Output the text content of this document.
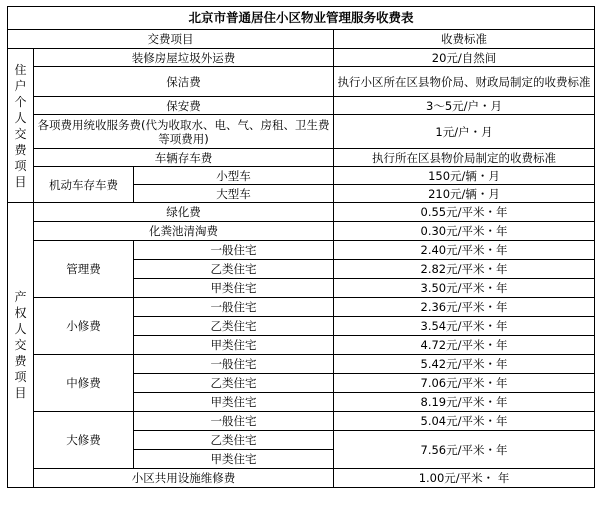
北京市普通居住小区物业管理服务收费表			
交费项目			收费标准

住户个人交费项目	装修房屋垃圾外运费		20元/自然间
	保洁费		执行小区所在区县物价局、财政局制定的收费标准
	保安费		3～5元/户・月
	各项费用统收服务费(代为收取水、电、气、房租、卫生费等项费用)		1元/户・月
	车辆存车费		执行所在区县物价局制定的收费标准
	机动车存车费	小型车	150元/辆・月
		大型车	210元/辆・月

产权人交费项目	绿化费		0.55元/平米・年
	化粪池清淘费		0.30元/平米・年
	管理费	一般住宅	2.40元/平米・年
		乙类住宅	2.82元/平米・年
		甲类住宅	3.50元/平米・年
	小修费	一般住宅	2.36元/平米・年
		乙类住宅	3.54元/平米・年
		甲类住宅	4.72元/平米・年
	中修费	一般住宅	5.42元/平米・年
		乙类住宅	7.06元/平米・年
		甲类住宅	8.19元/平米・年
	大修费	一般住宅	5.04元/平米・年
		乙类住宅	7.56元/平米・年
		甲类住宅	
	小区共用设施维修费		1.00元/平米・ 年
